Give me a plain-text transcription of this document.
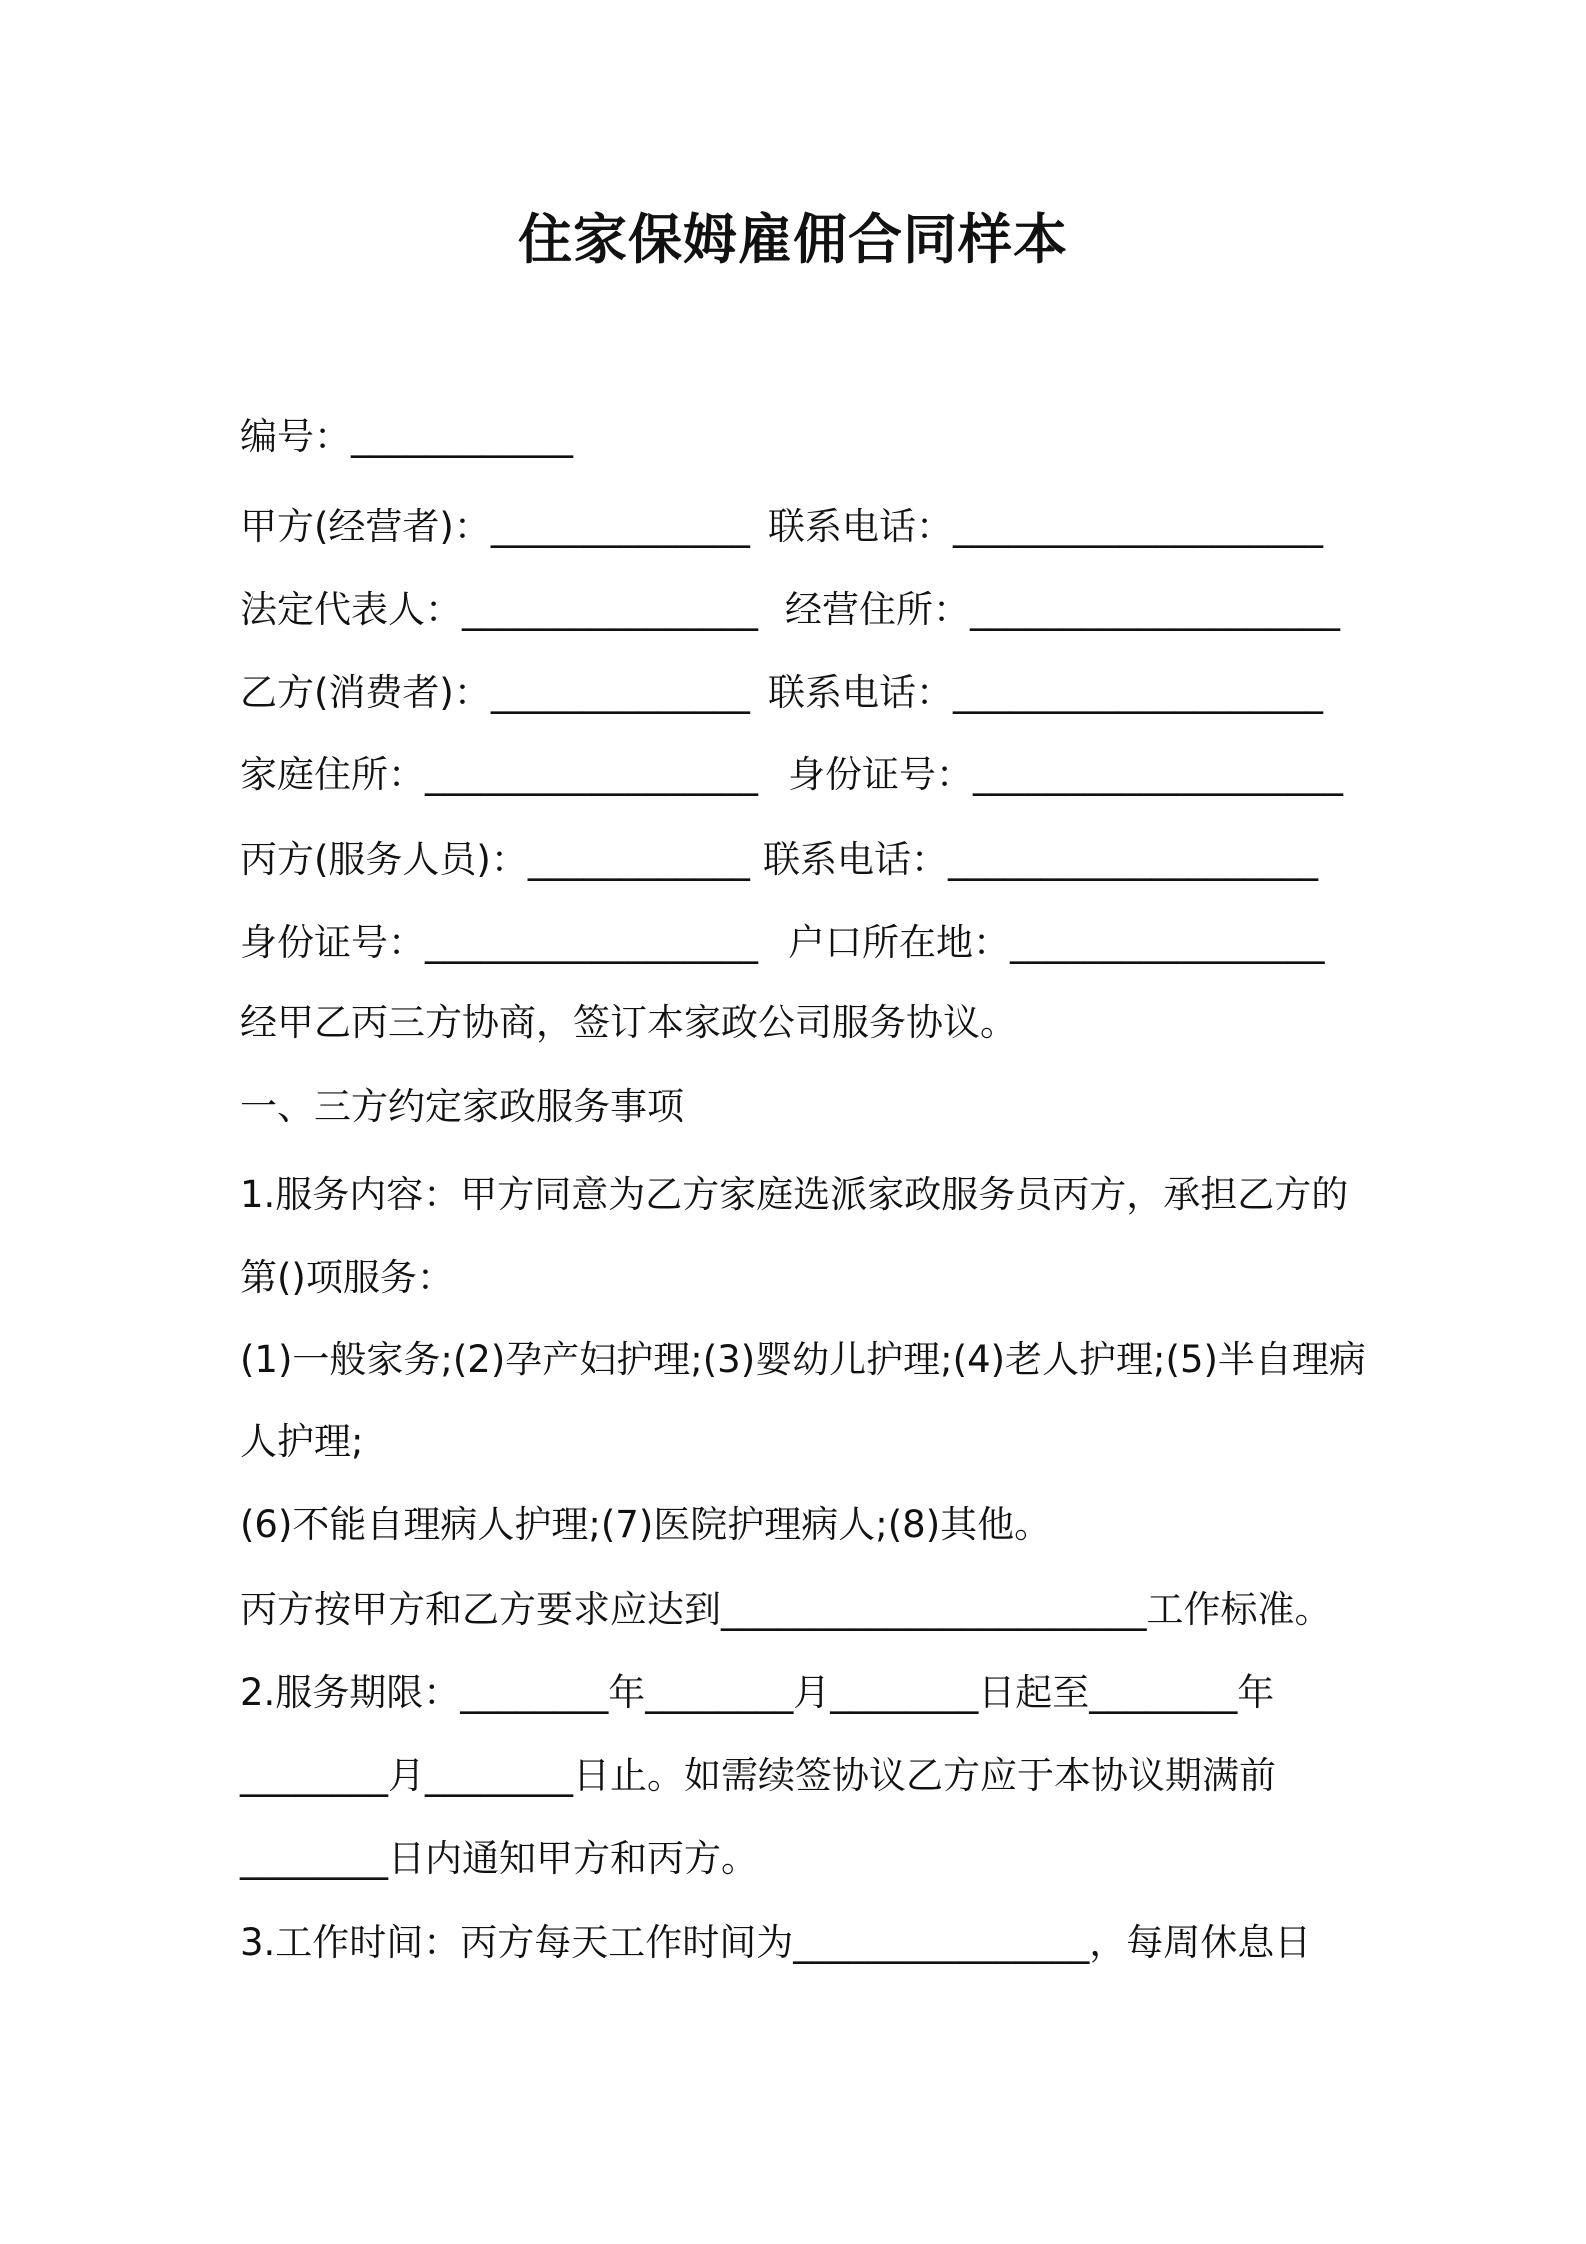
住家保姆雇佣合同样本
编号：____________
甲方(经营者)：______________ 联系电话：____________________
法定代表人：________________ 经营住所：____________________
乙方(消费者)：______________ 联系电话：____________________
家庭住所：__________________ 身份证号：____________________
丙方(服务人员)：____________ 联系电话：____________________
身份证号：__________________ 户口所在地：_________________
经甲乙丙三方协商，签订本家政公司服务协议。
一、三方约定家政服务事项
1.服务内容：甲方同意为乙方家庭选派家政服务员丙方，承担乙方的
第()项服务：
(1)一般家务;(2)孕产妇护理;(3)婴幼儿护理;(4)老人护理;(5)半自理病
人护理;
(6)不能自理病人护理;(7)医院护理病人;(8)其他。
丙方按甲方和乙方要求应达到_______________________工作标准。
2.服务期限：________年________月________日起至________年
________月________日止。如需续签协议乙方应于本协议期满前
________日内通知甲方和丙方。
3.工作时间：丙方每天工作时间为________________，每周休息日
